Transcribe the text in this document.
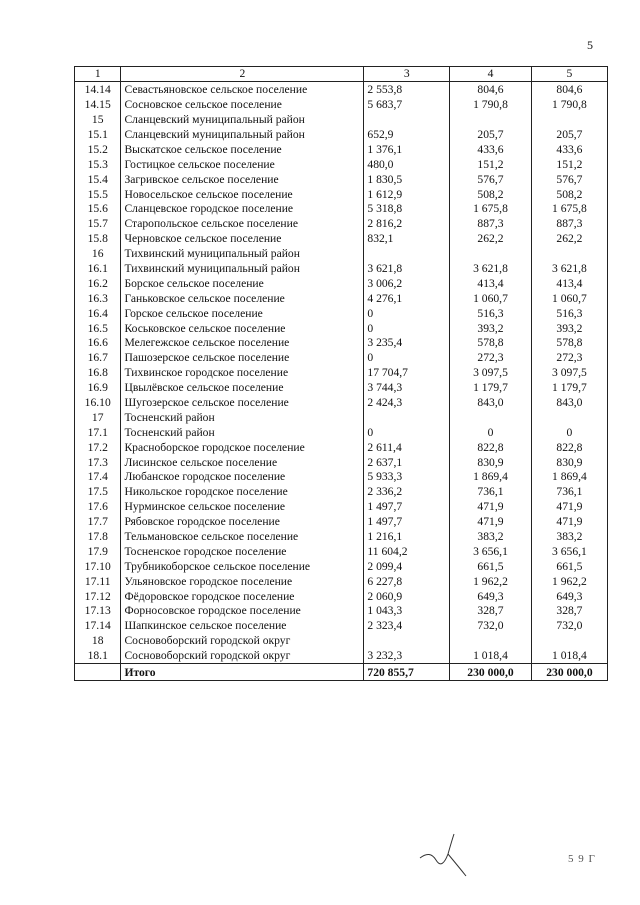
5
1	2	3	4	5
14.14	Севастьяновское сельское поселение	2 553,8	804,6	804,6
14.15	Сосновское сельское поселение	5 683,7	1 790,8	1 790,8
15	Сланцевский муниципальный район			
15.1	Сланцевский муниципальный район	652,9	205,7	205,7
15.2	Выскатское сельское поселение	1 376,1	433,6	433,6
15.3	Гостицкое сельское поселение	480,0	151,2	151,2
15.4	Загривское сельское поселение	1 830,5	576,7	576,7
15.5	Новосельское сельское поселение	1 612,9	508,2	508,2
15.6	Сланцевское городское поселение	5 318,8	1 675,8	1 675,8
15.7	Старопольское сельское поселение	2 816,2	887,3	887,3
15.8	Черновское сельское поселение	832,1	262,2	262,2
16	Тихвинский муниципальный район			
16.1	Тихвинский муниципальный район	3 621,8	3 621,8	3 621,8
16.2	Борское сельское поселение	3 006,2	413,4	413,4
16.3	Ганьковское сельское поселение	4 276,1	1 060,7	1 060,7
16.4	Горское сельское поселение	0	516,3	516,3
16.5	Коськовское сельское поселение	0	393,2	393,2
16.6	Мелегежское сельское поселение	3 235,4	578,8	578,8
16.7	Пашозерское сельское поселение	0	272,3	272,3
16.8	Тихвинское городское поселение	17 704,7	3 097,5	3 097,5
16.9	Цвылёвское сельское поселение	3 744,3	1 179,7	1 179,7
16.10	Шугозерское сельское поселение	2 424,3	843,0	843,0
17	Тосненский район			
17.1	Тосненский район	0	0	0
17.2	Красноборское городское поселение	2 611,4	822,8	822,8
17.3	Лисинское сельское поселение	2 637,1	830,9	830,9
17.4	Любанское городское поселение	5 933,3	1 869,4	1 869,4
17.5	Никольское городское поселение	2 336,2	736,1	736,1
17.6	Нурминское сельское поселение	1 497,7	471,9	471,9
17.7	Рябовское городское поселение	1 497,7	471,9	471,9
17.8	Тельмановское сельское поселение	1 216,1	383,2	383,2
17.9	Тосненское городское поселение	11 604,2	3 656,1	3 656,1
17.10	Трубникоборское сельское поселение	2 099,4	661,5	661,5
17.11	Ульяновское городское поселение	6 227,8	1 962,2	1 962,2
17.12	Фёдоровское городское поселение	2 060,9	649,3	649,3
17.13	Форносовское городское поселение	1 043,3	328,7	328,7
17.14	Шапкинское сельское поселение	2 323,4	732,0	732,0
18	Сосновоборский городской округ			
18.1	Сосновоборский городской округ	3 232,3	1 018,4	1 018,4
	Итого	720 855,7	230 000,0	230 000,0
5 9 Г
